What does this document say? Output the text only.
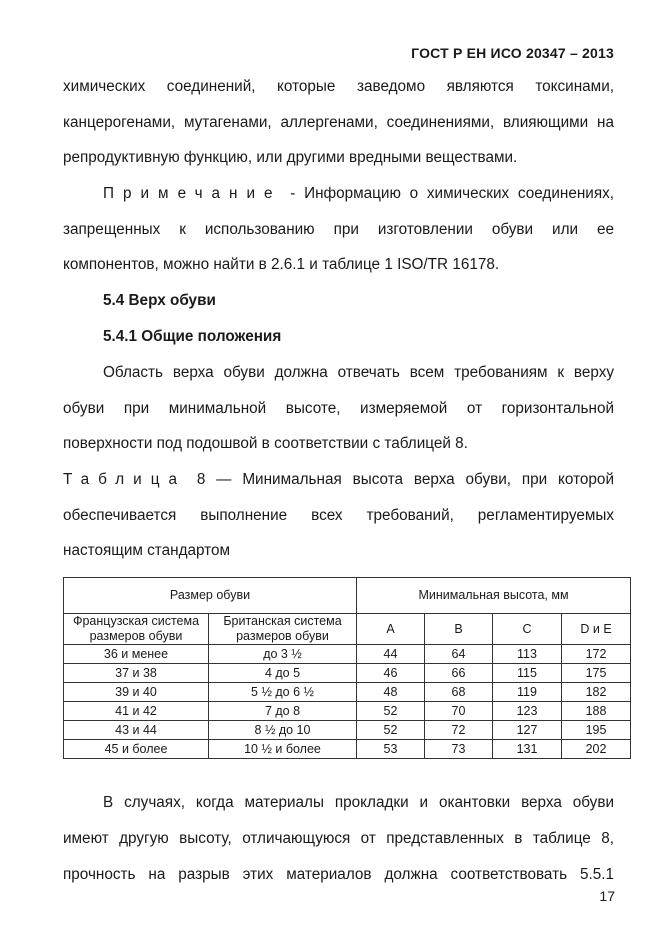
ГОСТ Р ЕН ИСО 20347 – 2013
химических соединений, которые заведомо являются токсинами,
канцерогенами, мутагенами, аллергенами, соединениями, влияющими на
репродуктивную функцию, или другими вредными веществами.
Примечание - Информацию о химических соединениях,
запрещенных к использованию при изготовлении обуви или ее
компонентов, можно найти в 2.6.1 и таблице 1 ISO/TR 16178.
5.4 Верх обуви
5.4.1 Общие положения
Область верха обуви должна отвечать всем требованиям к верху
обуви при минимальной высоте, измеряемой от горизонтальной
поверхности под подошвой в соответствии с таблицей 8.
Таблица 8 — Минимальная высота верха обуви, при которой
обеспечивается выполнение всех требований, регламентируемых
настоящим стандартом
В случаях, когда материалы прокладки и окантовки верха обуви
имеют другую высоту, отличающуюся от представленных в таблице 8,
прочность на разрыв этих материалов должна соответствовать 5.5.1
Размер обуви		Минимальная высота, мм			
Французская система размеров обуви	Британская система размеров обуви	A	B	C	D и E
36 и менее	до 3 ½	44	64	113	172
37 и 38	4 до 5	46	66	115	175
39 и 40	5 ½ до 6 ½	48	68	119	182
41 и 42	7 до 8	52	70	123	188
43 и 44	8 ½ до 10	52	72	127	195
45 и более	10 ½ и более	53	73	131	202
17
